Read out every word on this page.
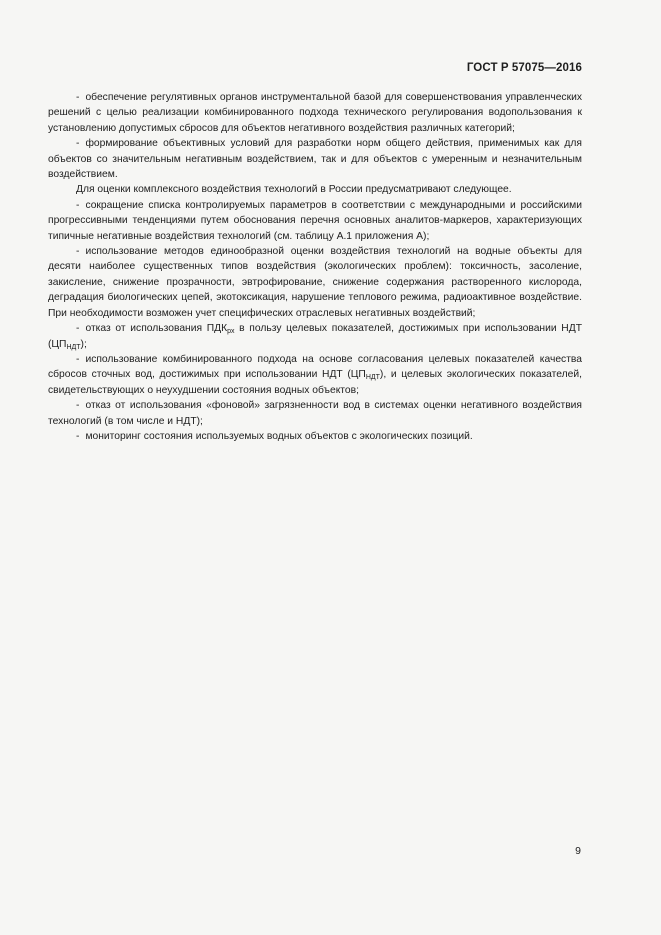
ГОСТ Р 57075—2016

- обеспечение регулятивных органов инструментальной базой для совершенствования управленческих решений с целью реализации комбинированного подхода технического регулирования водопользования к установлению допустимых сбросов для объектов негативного воздействия различных категорий;

- формирование объективных условий для разработки норм общего действия, применимых как для объектов со значительным негативным воздействием, так и для объектов с умеренным и незначительным воздействием.

Для оценки комплексного воздействия технологий в России предусматривают следующее.

- сокращение списка контролируемых параметров в соответствии с международными и российскими прогрессивными тенденциями путем обоснования перечня основных аналитов-маркеров, характеризующих типичные негативные воздействия технологий (см. таблицу А.1 приложения А);

- использование методов единообразной оценки воздействия технологий на водные объекты для десяти наиболее существенных типов воздействия (экологических проблем): токсичность, засоление, закисление, снижение прозрачности, эвтрофирование, снижение содержания растворенного кислорода, деградация биологических цепей, экотоксикация, нарушение теплового режима, радиоактивное воздействие. При необходимости возможен учет специфических отраслевых негативных воздействий;

- отказ от использования $ПДК_{рх}$ в пользу целевых показателей, достижимых при использовании НДТ $(ЦП_{НДТ})$;

- использование комбинированного подхода на основе согласования целевых показателей качества сбросов сточных вод, достижимых при использовании НДТ $(ЦП_{НДТ})$, и целевых экологических показателей, свидетельствующих о неухудшении состояния водных объектов;

- отказ от использования «фоновой» загрязненности вод в системах оценки негативного воздействия технологий (в том числе и НДТ);

- мониторинг состояния используемых водных объектов с экологических позиций.

9
